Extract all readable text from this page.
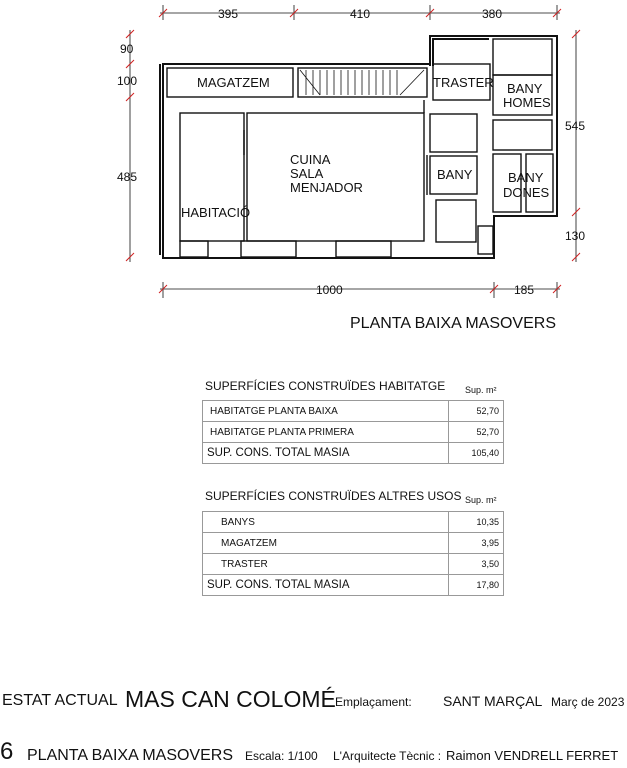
395	410	380
90
100
485
545
130
1000	185
MAGATZEM	TRASTER BANY
HOMES
CUINA
SALA
MENJADOR
BANY	BANY
DONES
HABITACIÓ
PLANTA BAIXA MASOVERS
SUPERFÍCIES CONSTRUÏDES HABITATGE Sup. m²
HABITATGE PLANTA BAIXA	52,70
HABITATGE PLANTA PRIMERA	52,70
SUP. CONS. TOTAL MASIA	105,40
SUPERFÍCIES CONSTRUÏDES ALTRES USOS Sup. m²
BANYS	10,35
MAGATZEM	3,95
TRASTER	3,50
SUP. CONS. TOTAL MASIA	17,80
ESTAT ACTUAL MAS CAN COLOMÉ Emplaçament: SANT MARÇAL Març de 2023
6 PLANTA BAIXA MASOVERS Escala: 1/100 L'Arquitecte Tècnic : Raimon VENDRELL FERRET
